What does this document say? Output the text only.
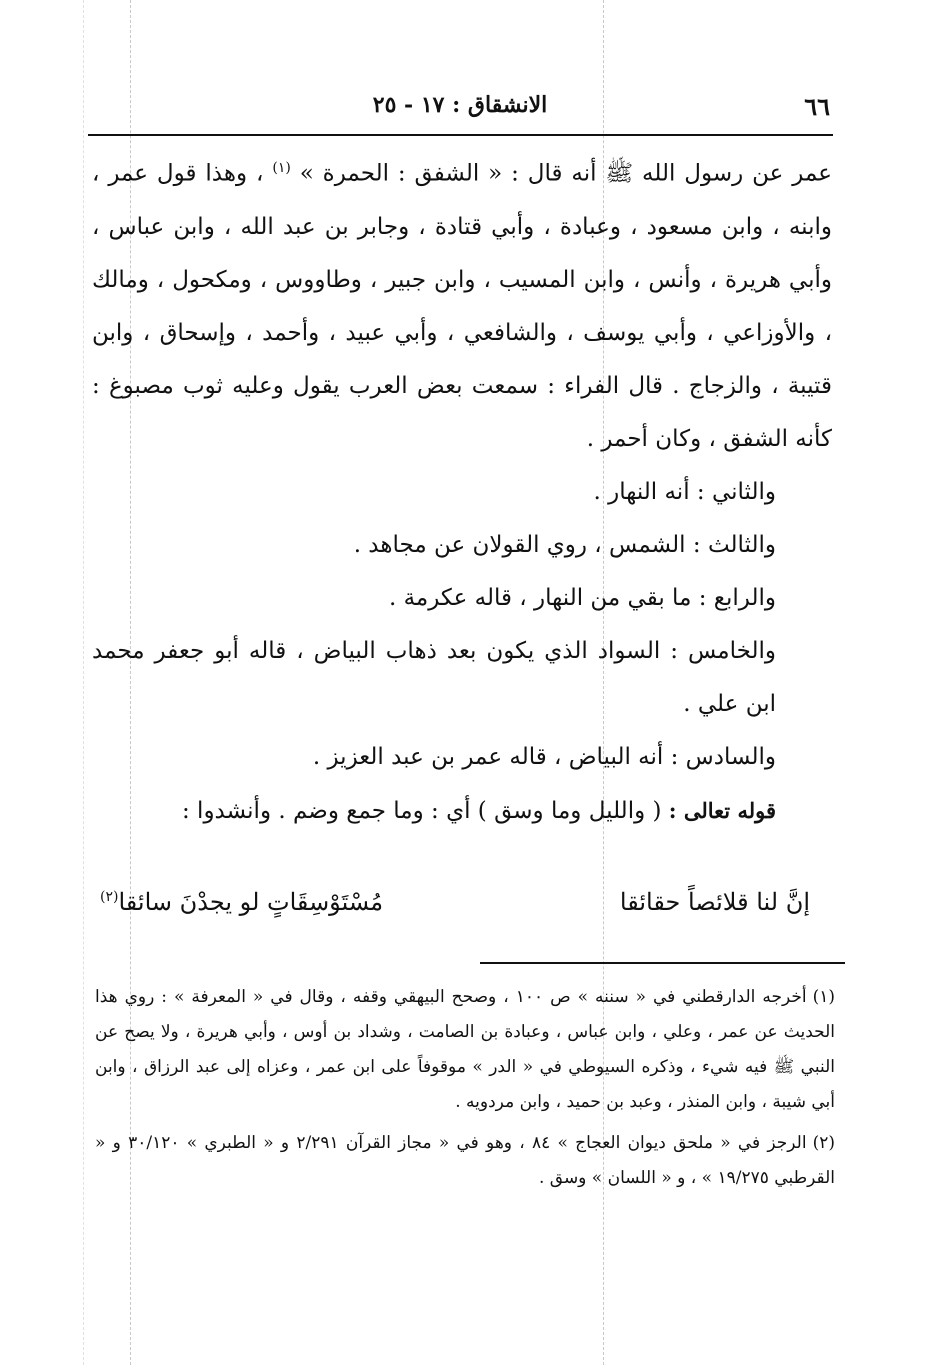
٦٦
الانشقاق : ١٧ - ٢٥

عمر عن رسول الله ﷺ أنه قال : « الشفق : الحمرة » $^{(١)}$ ، وهذا قول عمر ، وابنه ، وابن مسعود ، وعبادة ، وأبي قتادة ، وجابر بن عبد الله ، وابن عباس ، وأبي هريرة ، وأنس ، وابن المسيب ، وابن جبير ، وطاووس ، ومكحول ، ومالك ، والأوزاعي ، وأبي يوسف ، والشافعي ، وأبي عبيد ، وأحمد ، وإسحاق ، وابن قتيبة ، والزجاج . قال الفراء : سمعت بعض العرب يقول وعليه ثوب مصبوغ : كأنه الشفق ، وكان أحمر .

والثاني : أنه النهار .

والثالث : الشمس ، روي القولان عن مجاهد .

والرابع : ما بقي من النهار ، قاله عكرمة .

والخامس : السواد الذي يكون بعد ذهاب البياض ، قاله أبو جعفر محمد ابن علي .

والسادس : أنه البياض ، قاله عمر بن عبد العزيز .

قوله تعالى : ( والليل وما وسق ) أي : وما جمع وضم . وأنشدوا :

إنَّ لنا قلائصاً حقائقا
مُسْتَوْسِقَاتٍ لو يجدْنَ سائقا$^{(٢)}$

(١)أخرجه الدارقطني في « سننه » ص ١٠٠ ، وصحح البيهقي وقفه ، وقال في « المعرفة » : روي هذا الحديث عن عمر ، وعلي ، وابن عباس ، وعبادة بن الصامت ، وشداد بن أوس ، وأبي هريرة ، ولا يصح عن النبي ﷺ فيه شيء ، وذكره السيوطي في « الدر » موقوفاً على ابن عمر ، وعزاه إلى عبد الرزاق ، وابن أبي شيبة ، وابن المنذر ، وعبد بن حميد ، وابن مردويه .

(٢)الرجز في « ملحق ديوان العجاج » ٨٤ ، وهو في « مجاز القرآن ٢/٢٩١ و « الطبري » ٣٠/١٢٠ و « القرطبي ١٩/٢٧٥ » ، و « اللسان » وسق .
